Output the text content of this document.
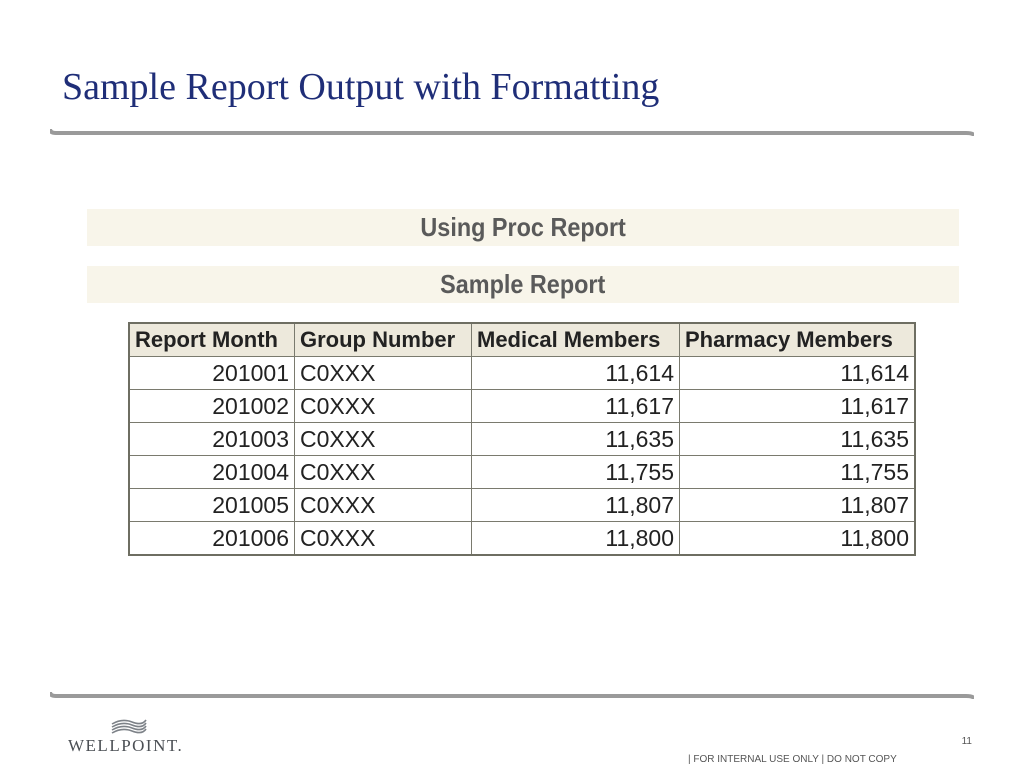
Sample Report Output with Formatting
Using Proc Report
Sample Report
Report Month	Group Number	Medical Members	Pharmacy Members
201001	C0XXX	11,614	11,614
201002	C0XXX	11,617	11,617
201003	C0XXX	11,635	11,635
201004	C0XXX	11,755	11,755
201005	C0XXX	11,807	11,807
201006	C0XXX	11,800	11,800
WELLPOINT.	11
| FOR INTERNAL USE ONLY | DO NOT COPY
